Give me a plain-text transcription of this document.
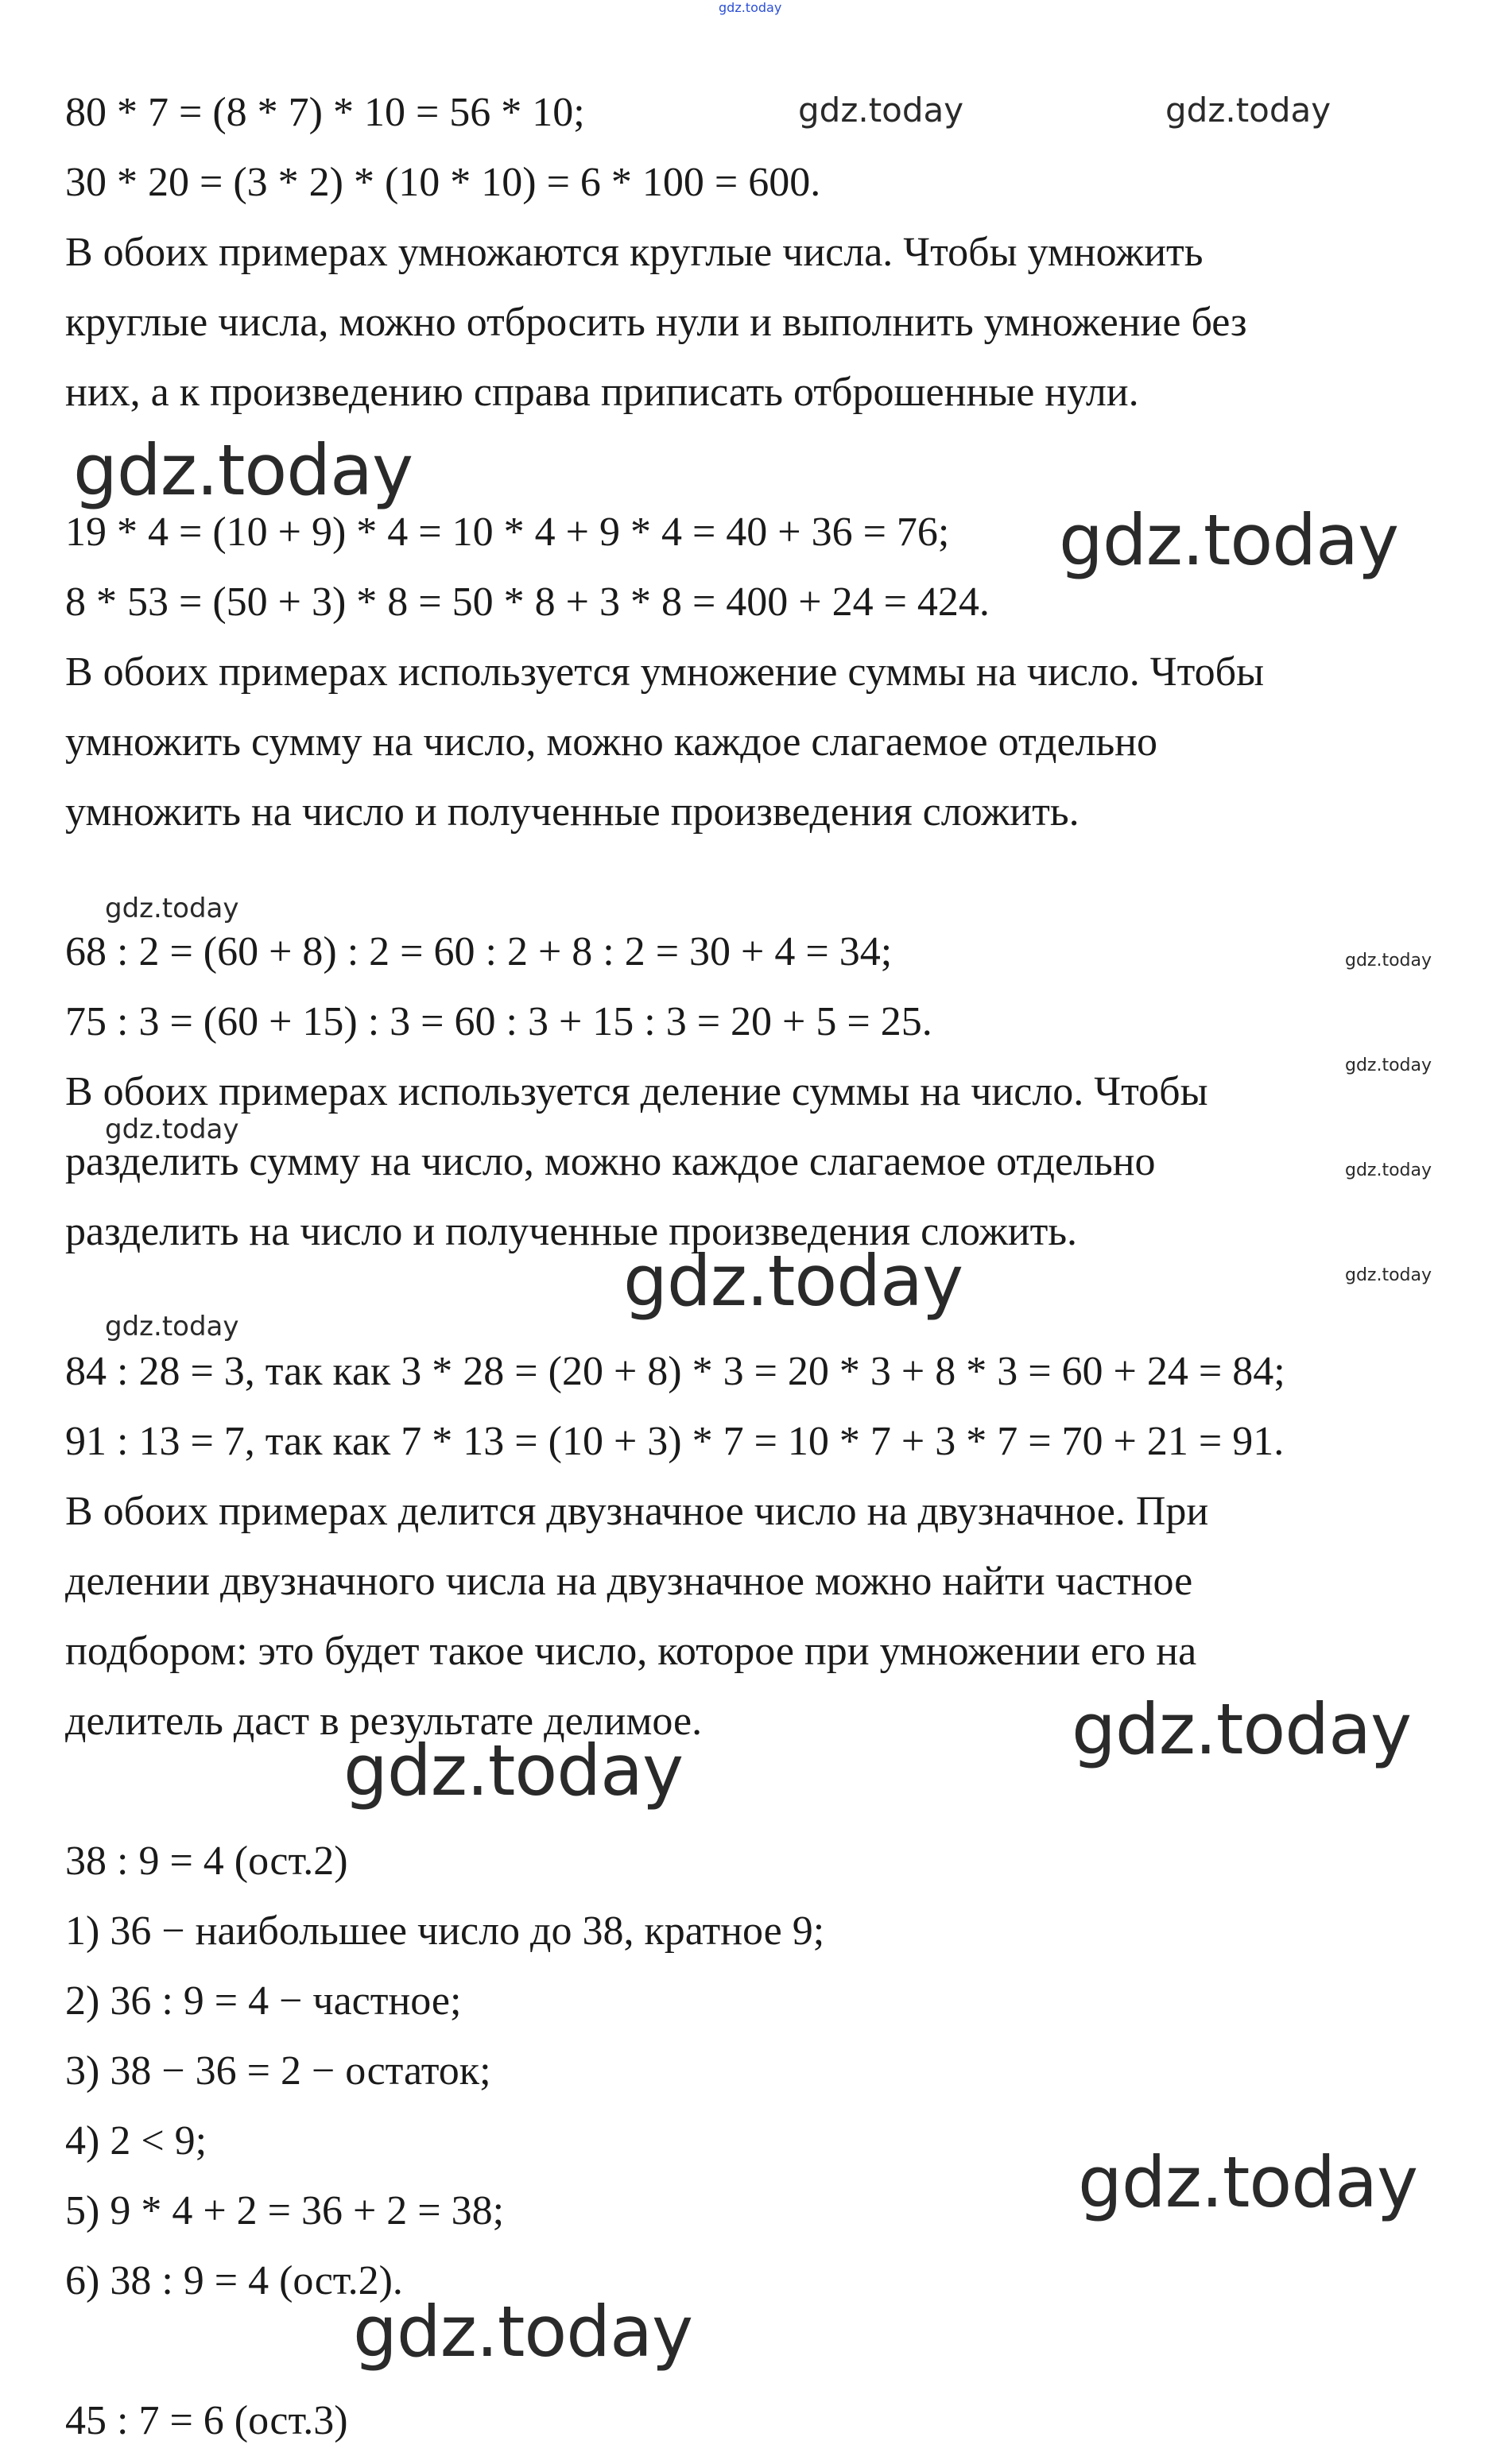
gdz.today
gdz.today	gdz.today
gdz.today
gdz.today
gdz.today
gdz.today
gdz.today
gdz.today
gdz.today
gdz.today
gdz.today
gdz.today
gdz.today
gdz.today
gdz.today
gdz.today
80 * 7 = (8 * 7) * 10 = 56 * 10;
30 * 20 = (3 * 2) * (10 * 10) = 6 * 100 = 600.
В обоих примерах умножаются круглые числа. Чтобы умножить
круглые числа, можно отбросить нули и выполнить умножение без
них, а к произведению справа приписать отброшенные нули.
19 * 4 = (10 + 9) * 4 = 10 * 4 + 9 * 4 = 40 + 36 = 76;
8 * 53 = (50 + 3) * 8 = 50 * 8 + 3 * 8 = 400 + 24 = 424.
В обоих примерах используется умножение суммы на число. Чтобы
умножить сумму на число, можно каждое слагаемое отдельно
умножить на число и полученные произведения сложить.
68 : 2 = (60 + 8) : 2 = 60 : 2 + 8 : 2 = 30 + 4 = 34;
75 : 3 = (60 + 15) : 3 = 60 : 3 + 15 : 3 = 20 + 5 = 25.
В обоих примерах используется деление суммы на число. Чтобы
разделить сумму на число, можно каждое слагаемое отдельно
разделить на число и полученные произведения сложить.
84 : 28 = 3, так как 3 * 28 = (20 + 8) * 3 = 20 * 3 + 8 * 3 = 60 + 24 = 84;
91 : 13 = 7, так как 7 * 13 = (10 + 3) * 7 = 10 * 7 + 3 * 7 = 70 + 21 = 91.
В обоих примерах делится двузначное число на двузначное. При
делении двузначного числа на двузначное можно найти частное
подбором: это будет такое число, которое при умножении его на
делитель даст в результате делимое.
38 : 9 = 4 (ост.2)
1) 36 − наибольшее число до 38, кратное 9;
2) 36 : 9 = 4 − частное;
3) 38 − 36 = 2 − остаток;
4) 2 < 9;
5) 9 * 4 + 2 = 36 + 2 = 38;
6) 38 : 9 = 4 (ост.2).
45 : 7 = 6 (ост.3)
